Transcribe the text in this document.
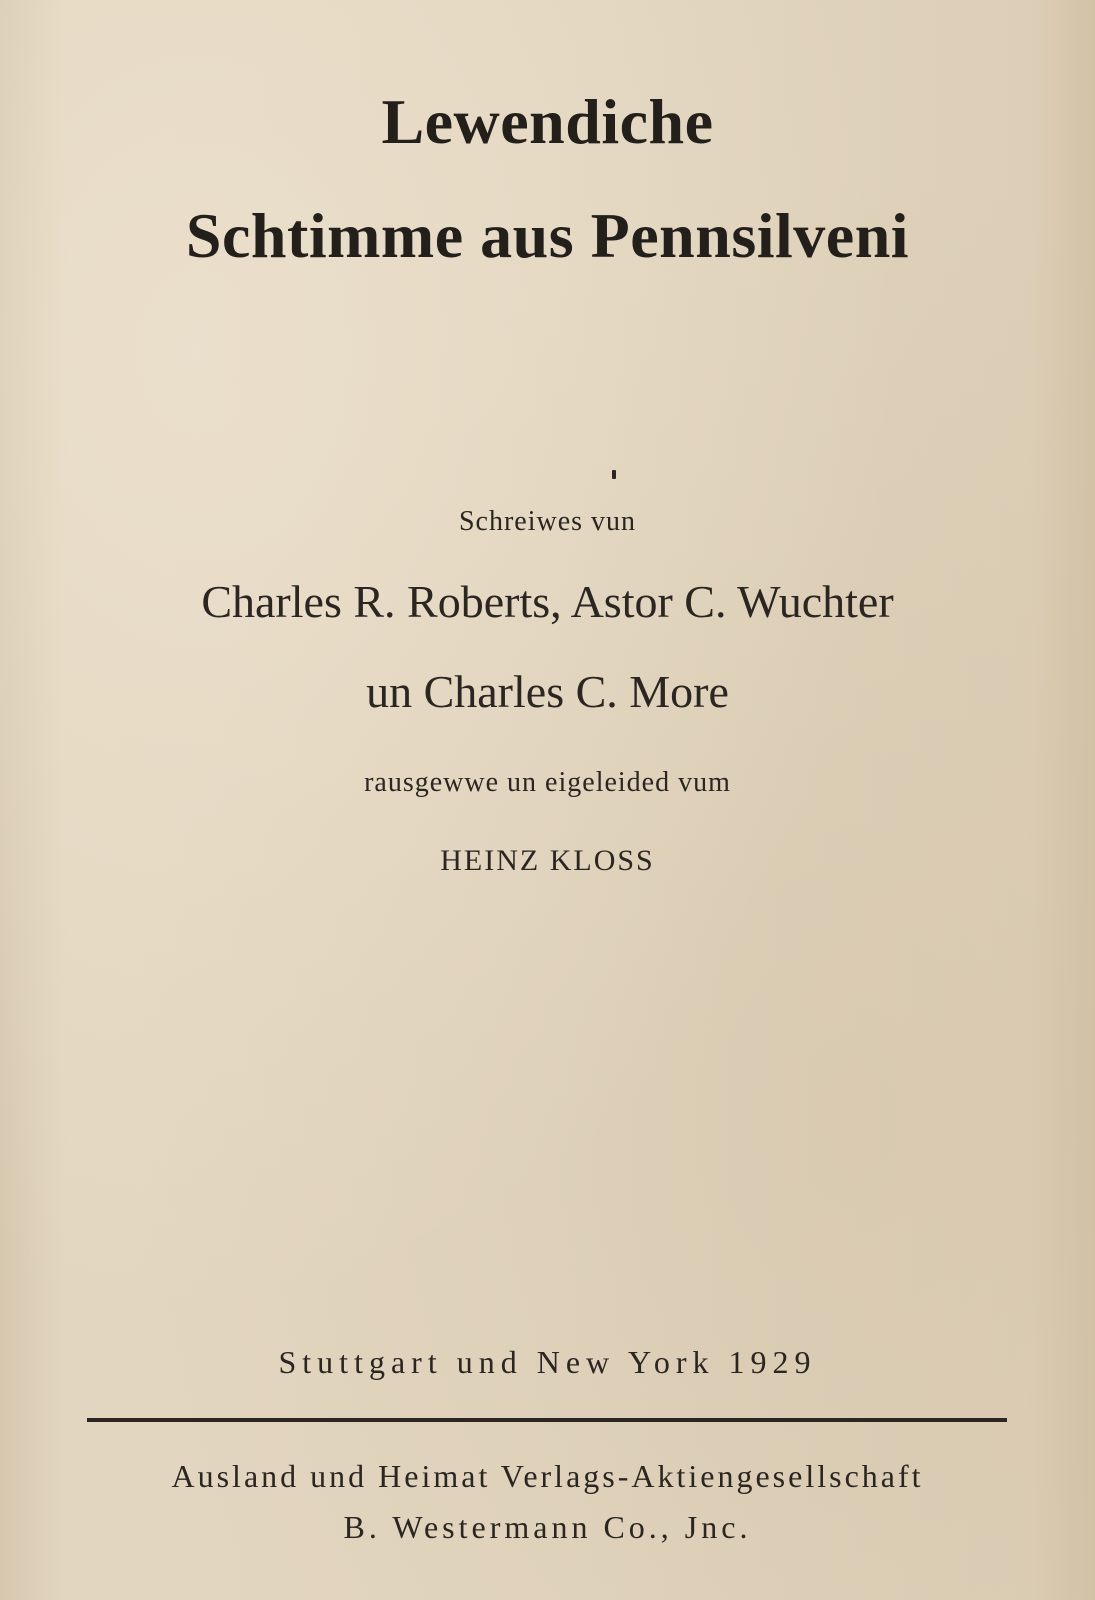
Lewendiche
Schtimme aus Pennsilveni
Schreiwes vun
Charles R. Roberts, Astor C. Wuchter
un Charles C. More
rausgewwe un eigeleided vum
HEINZ KLOSS
Stuttgart und New York 1929
Ausland und Heimat Verlags-Aktiengesellschaft
B. Westermann Co., Jnc.
